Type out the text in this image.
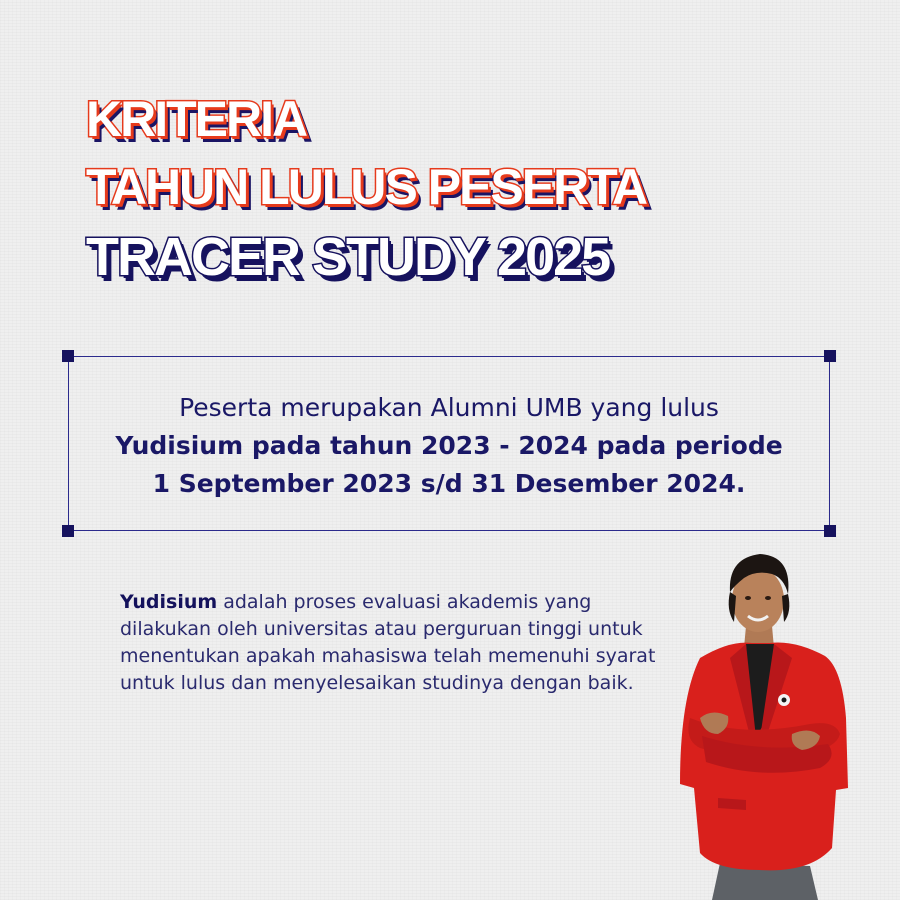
KRITERIA
TAHUN LULUS PESERTA
TRACER STUDY 2025
Peserta merupakan Alumni UMB yang lulus
Yudisium pada tahun 2023 - 2024 pada periode
1 September 2023 s/d 31 Desember 2024.

Yudisium adalah proses evaluasi akademis yang dilakukan oleh universitas atau perguruan tinggi untuk menentukan apakah mahasiswa telah memenuhi syarat untuk lulus dan menyelesaikan studinya dengan baik.
